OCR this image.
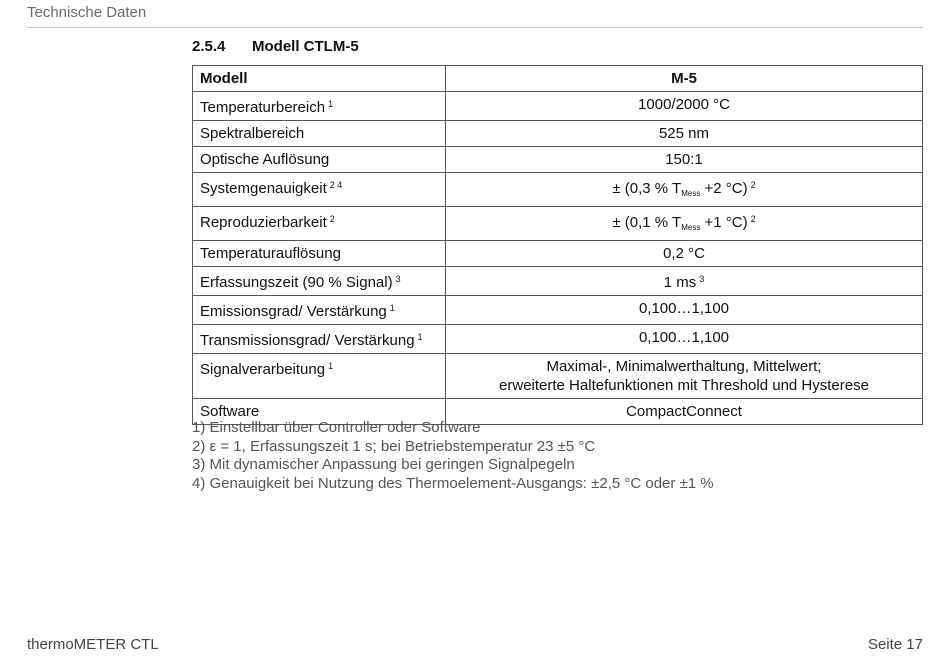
Technische Daten
2.5.4 Modell CTLM-5
Modell	M-5
Temperaturbereich $^1$	1000/2000 °C
Spektralbereich	525 nm
Optische Auflösung	150:1
Systemgenauigkeit $^{2 4}$	± (0,3 % $T_{Mess} +2$ °C) $^2$
Reproduzierbarkeit $^2$	± (0,1 % $T_{Mess} +1$ °C) $^2$
Temperaturauflösung	0,2 °C
Erfassungszeit (90 % Signal) $^3$	1 ms $^3$
Emissionsgrad/ Verstärkung $^1$	0,100…1,100
Transmissionsgrad/ Verstärkung $^1$	0,100…1,100
Signalverarbeitung $^1$	Maximal-, Minimalwerthaltung, Mittelwert;
erweiterte Haltefunktionen mit Threshold und Hysterese

Software	CompactConnect
1) Einstellbar über Controller oder Software
2) ε = 1, Erfassungszeit 1 s; bei Betriebstemperatur 23 ±5 °C
3) Mit dynamischer Anpassung bei geringen Signalpegeln
4) Genauigkeit bei Nutzung des Thermoelement-Ausgangs: ±2,5 °C oder ±1 %
thermoMETER CTL	Seite 17
